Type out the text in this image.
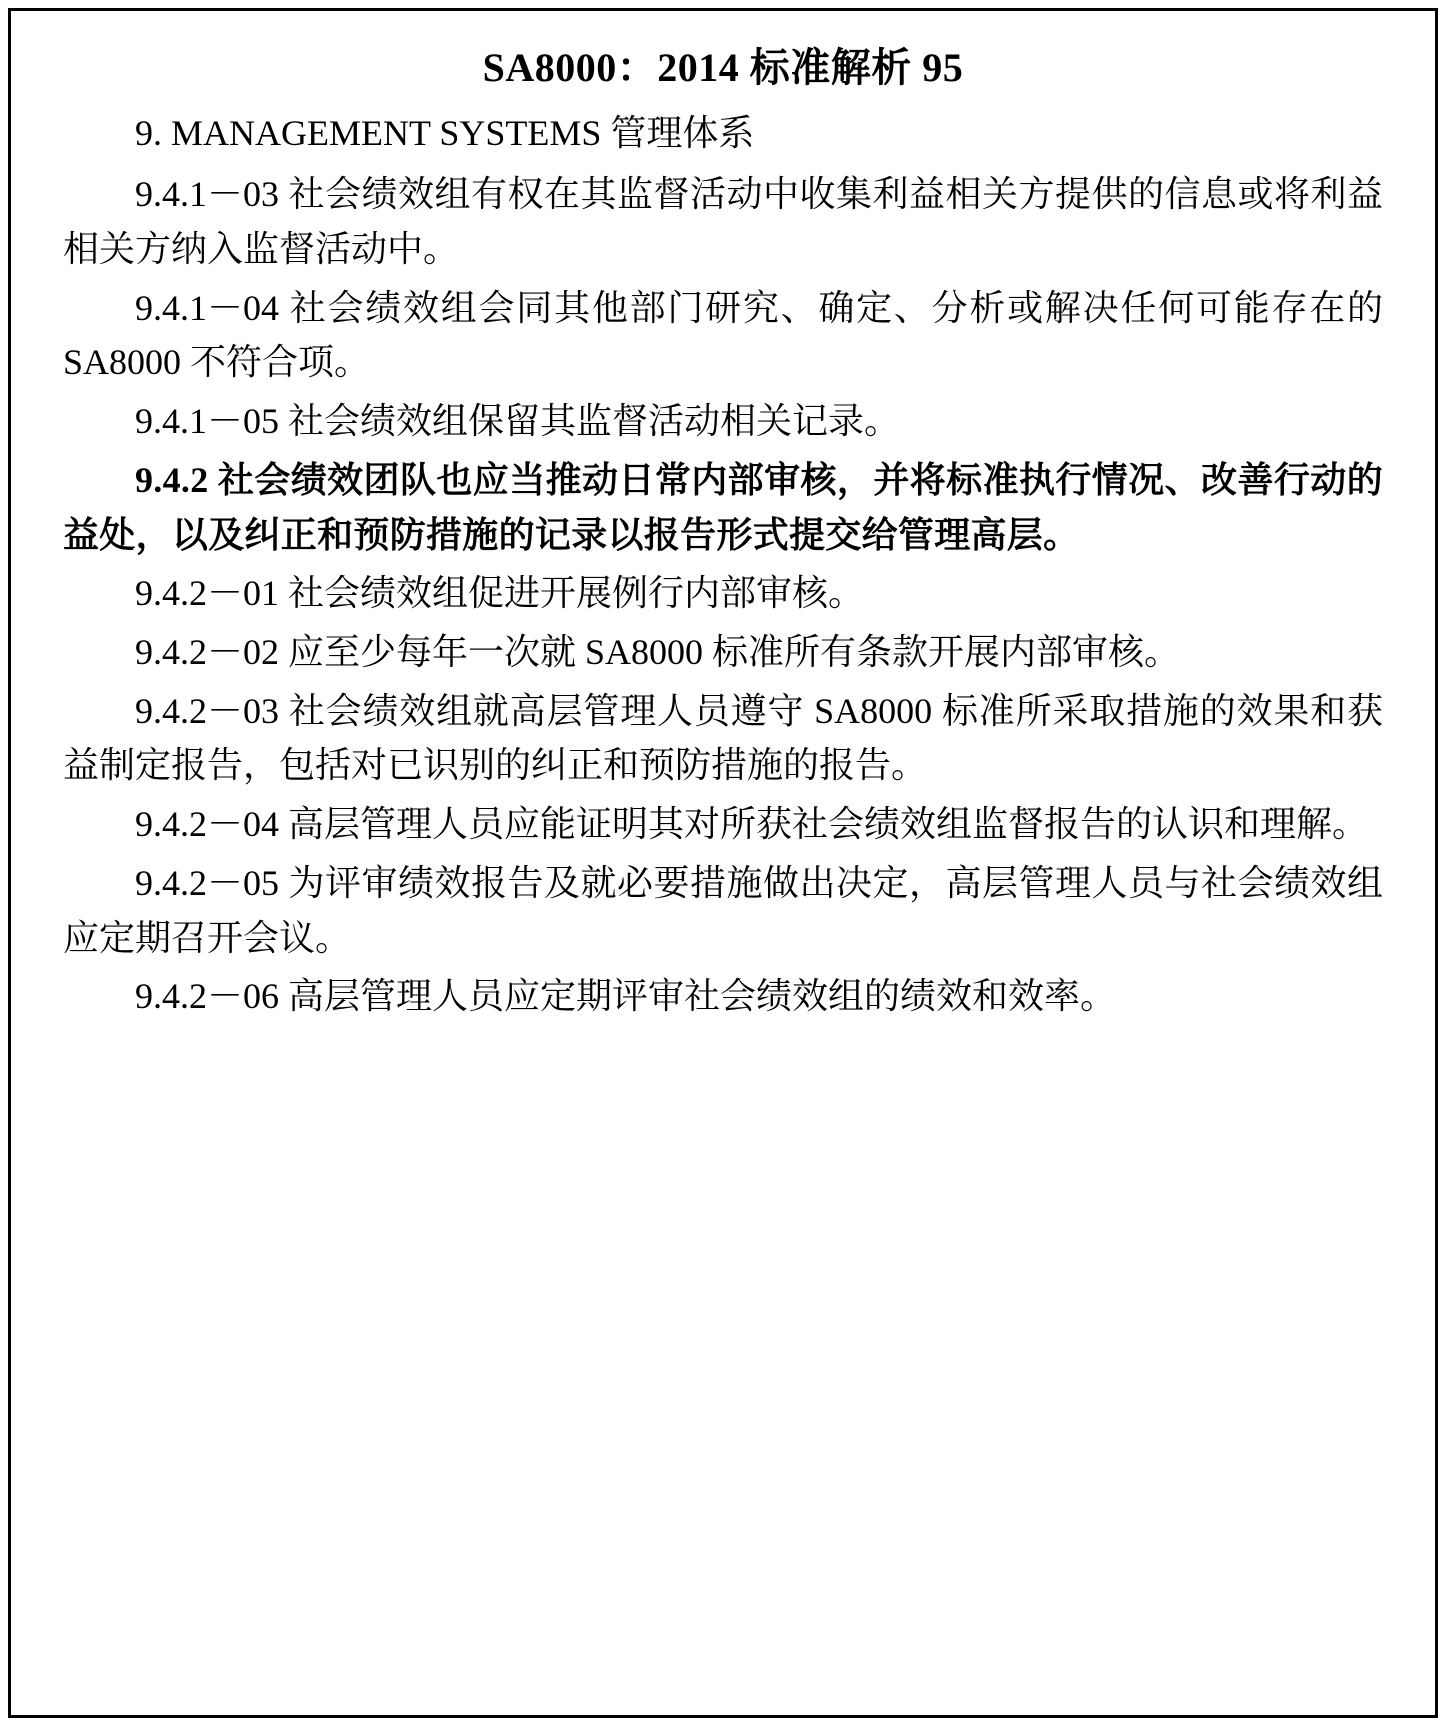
SA8000：2014 标准解析 95
9. MANAGEMENT SYSTEMS 管理体系

9.4.1－03 社会绩效组有权在其监督活动中收集利益相关方提供的信息或将利益相关方纳入监督活动中。

9.4.1－04 社会绩效组会同其他部门研究、确定、分析或解决任何可能存在的 SA8000 不符合项。

9.4.1－05 社会绩效组保留其监督活动相关记录。

9.4.2 社会绩效团队也应当推动日常内部审核，并将标准执行情况、改善行动的益处，以及纠正和预防措施的记录以报告形式提交给管理高层。

9.4.2－01 社会绩效组促进开展例行内部审核。

9.4.2－02 应至少每年一次就 SA8000 标准所有条款开展内部审核。

9.4.2－03 社会绩效组就高层管理人员遵守 SA8000 标准所采取措施的效果和获益制定报告，包括对已识别的纠正和预防措施的报告。

9.4.2－04 高层管理人员应能证明其对所获社会绩效组监督报告的认识和理解。

9.4.2－05 为评审绩效报告及就必要措施做出决定，高层管理人员与社会绩效组应定期召开会议。

9.4.2－06 高层管理人员应定期评审社会绩效组的绩效和效率。
